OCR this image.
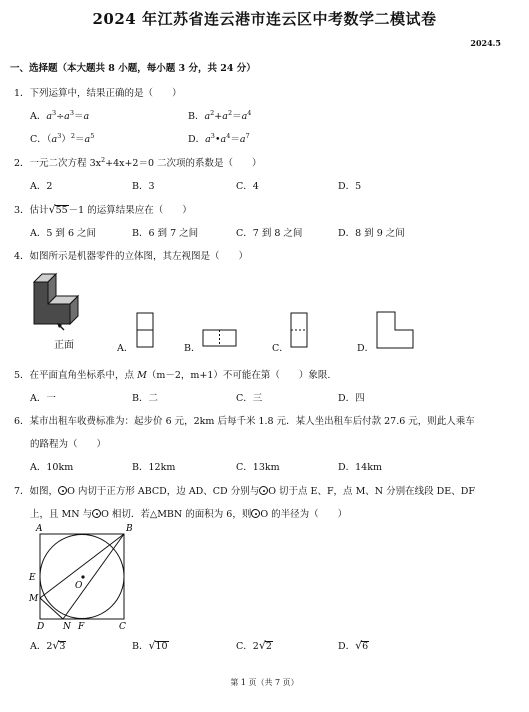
2024 年江苏省连云港市连云区中考数学二模试卷
2024.5
一、选择题（本大题共 8 小题，每小题 3 分，共 24 分）
1．下列运算中，结果正确的是（　　）
A．$a^3\div a^3=a$	B．$a^2+a^2=a^4$
C．$(a^3)^2=a^5$	D．$a^3•a^4=a^7$
2．一元二次方程 $3x^2+4x+2=0$ 二次项的系数是（　　）
A．2	B．3	C．4	D．5
3．估计√55－1 的运算结果应在（　　）
A．5 到 6 之间	B．6 到 7 之间	C．7 到 8 之间	D．8 到 9 之间
4．如图所示是机器零件的立体图，其左视图是（　　）
正面	A．	B．	C．	D．
5．在平面直角坐标系中，点 M（m－2，m+1）不可能在第（　　）象限.
A．一	B．二	C．三	D．四
6．某市出租车收费标准为：起步价 6 元，2km 后每千米 1.8 元．某人坐出租车后付款 27.6 元，则此人乘车
的路程为（　　）
A．10km	B．12km	C．13km	D．14km
7．如图， O 内切于正方形 ABCD，边 AD、CD 分别与 O 切于点 E、F，点 M、N 分别在线段 DE、DF
上，且 MN 与 O 相切．若△MBN 的面积为 6，则 O 的半径为（　　）
A	B
E
M
O
D N F	C
A．2√3	B．√10	C．2√2	D．√6
第 1 页（共 7 页）
